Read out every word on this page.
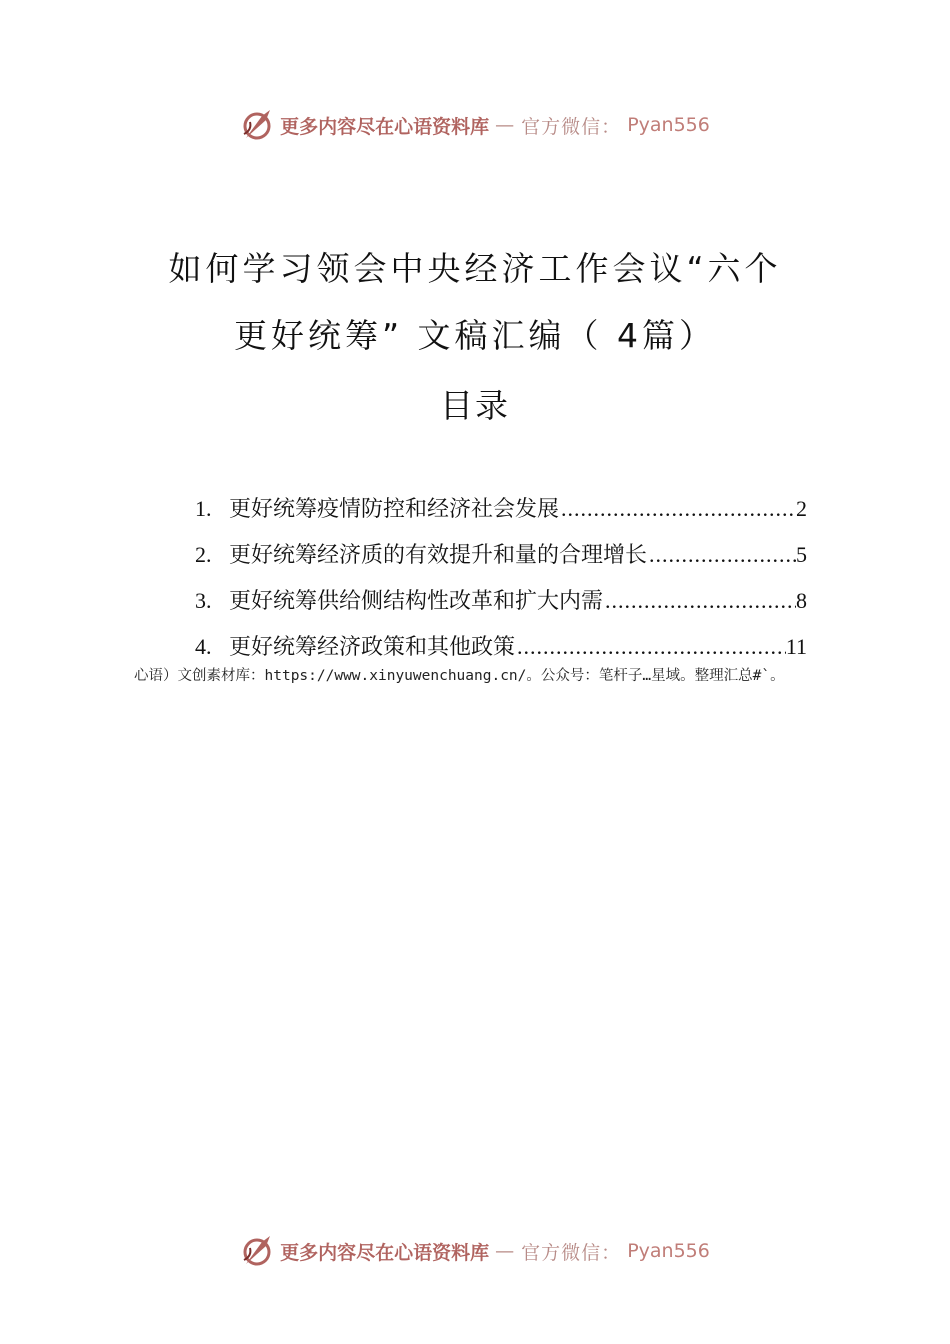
更多内容尽在心语资料库 — 官方微信： Pyan556
如何学习领会中央经济工作会议“六个
更好统筹” 文稿汇编（ 4篇）
目录
1. 更好统筹疫情防控和经济社会发展 .....	2
2. 更好统筹经济质的有效提升和量的合理增长 .....	5
3. 更好统筹供给侧结构性改革和扩大内需 .....	8
4. 更好统筹经济政策和其他政策 .....	11
心语）文创素材库：https://www.xinyuwenchuang.cn/。公众号：笔杆子…星域。整理汇总#`。
更多内容尽在心语资料库 — 官方微信： Pyan556
